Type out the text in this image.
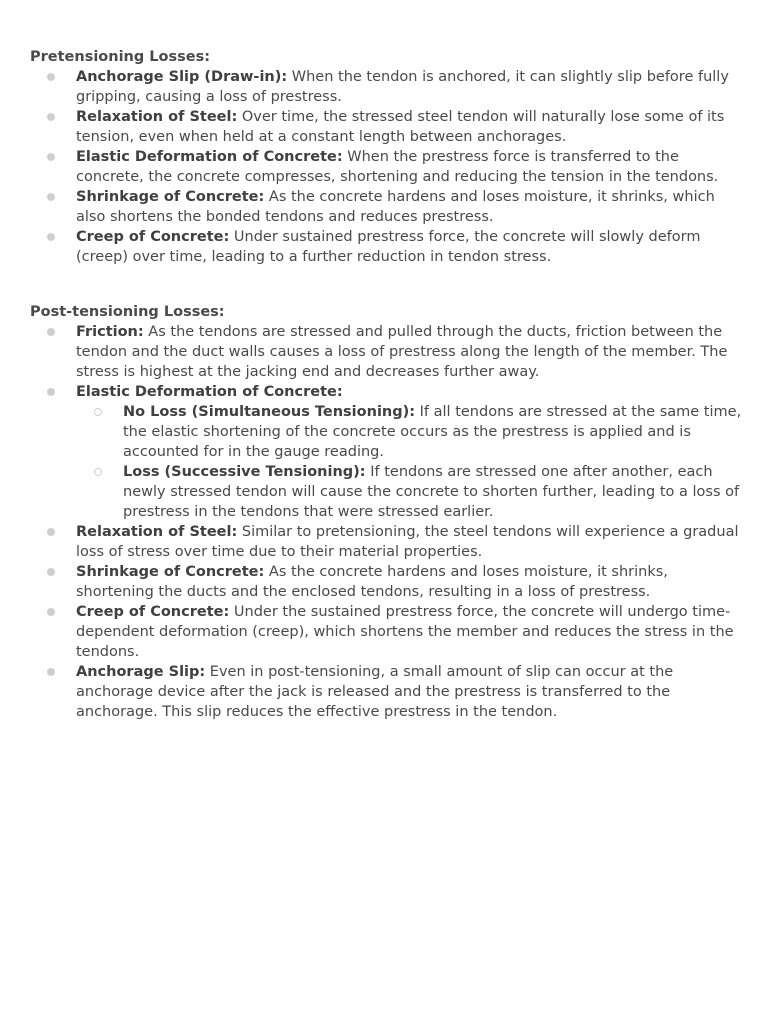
Pretensioning Losses:

Anchorage Slip (Draw-in): When the tendon is anchored, it can slightly slip before fully gripping, causing a loss of prestress.
Relaxation of Steel: Over time, the stressed steel tendon will naturally lose some of its tension, even when held at a constant length between anchorages.
Elastic Deformation of Concrete: When the prestress force is transferred to the concrete, the concrete compresses, shortening and reducing the tension in the tendons.
Shrinkage of Concrete: As the concrete hardens and loses moisture, it shrinks, which also shortens the bonded tendons and reduces prestress.
Creep of Concrete: Under sustained prestress force, the concrete will slowly deform (creep) over time, leading to a further reduction in tendon stress.

Post-tensioning Losses:

Friction: As the tendons are stressed and pulled through the ducts, friction between the tendon and the duct walls causes a loss of prestress along the length of the member. The stress is highest at the jacking end and decreases further away.
Elastic Deformation of Concrete:
No Loss (Simultaneous Tensioning): If all tendons are stressed at the same time, the elastic shortening of the concrete occurs as the prestress is applied and is accounted for in the gauge reading.
Loss (Successive Tensioning): If tendons are stressed one after another, each newly stressed tendon will cause the concrete to shorten further, leading to a loss of prestress in the tendons that were stressed earlier.
Relaxation of Steel: Similar to pretensioning, the steel tendons will experience a gradual loss of stress over time due to their material properties.
Shrinkage of Concrete: As the concrete hardens and loses moisture, it shrinks, shortening the ducts and the enclosed tendons, resulting in a loss of prestress.
Creep of Concrete: Under the sustained prestress force, the concrete will undergo time-dependent deformation (creep), which shortens the member and reduces the stress in the tendons.
Anchorage Slip: Even in post-tensioning, a small amount of slip can occur at the anchorage device after the jack is released and the prestress is transferred to the anchorage. This slip reduces the effective prestress in the tendon.
